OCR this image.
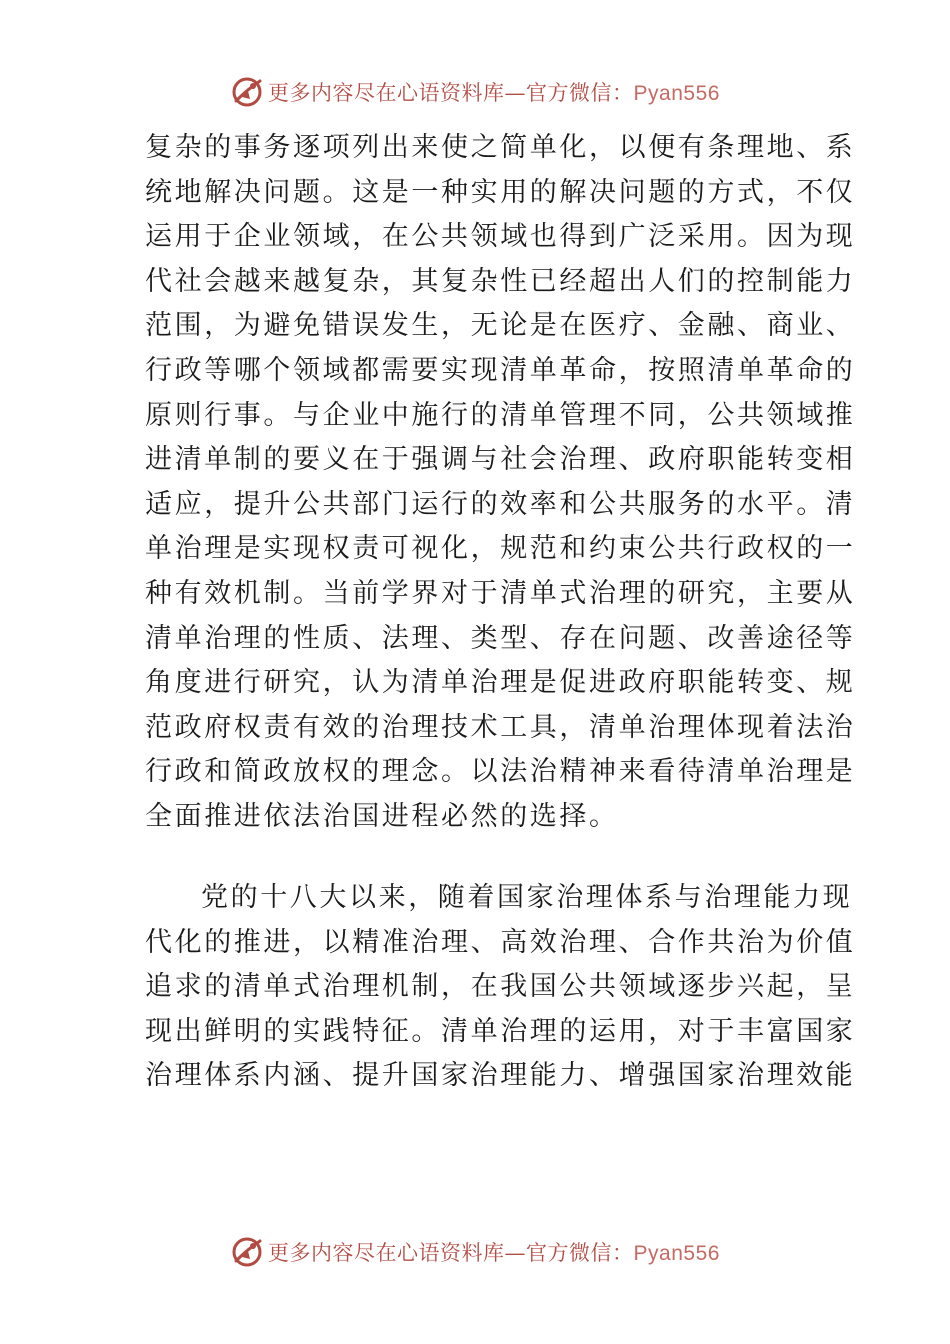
更多内容尽在心语资料库—官方微信：Pyan556
复杂的事务逐项列出来使之简单化，以便有条理地、系
统地解决问题。这是一种实用的解决问题的方式，不仅
运用于企业领域，在公共领域也得到广泛采用。因为现
代社会越来越复杂，其复杂性已经超出人们的控制能力
范围，为避免错误发生，无论是在医疗、金融、商业、
行政等哪个领域都需要实现清单革命，按照清单革命的
原则行事。与企业中施行的清单管理不同，公共领域推
进清单制的要义在于强调与社会治理、政府职能转变相
适应，提升公共部门运行的效率和公共服务的水平。清
单治理是实现权责可视化，规范和约束公共行政权的一
种有效机制。当前学界对于清单式治理的研究，主要从
清单治理的性质、法理、类型、存在问题、改善途径等
角度进行研究，认为清单治理是促进政府职能转变、规
范政府权责有效的治理技术工具，清单治理体现着法治
行政和简政放权的理念。以法治精神来看待清单治理是
全面推进依法治国进程必然的选择。
党的十八大以来，随着国家治理体系与治理能力现
代化的推进，以精准治理、高效治理、合作共治为价值
追求的清单式治理机制，在我国公共领域逐步兴起，呈
现出鲜明的实践特征。清单治理的运用，对于丰富国家
治理体系内涵、提升国家治理能力、增强国家治理效能
更多内容尽在心语资料库—官方微信：Pyan556
